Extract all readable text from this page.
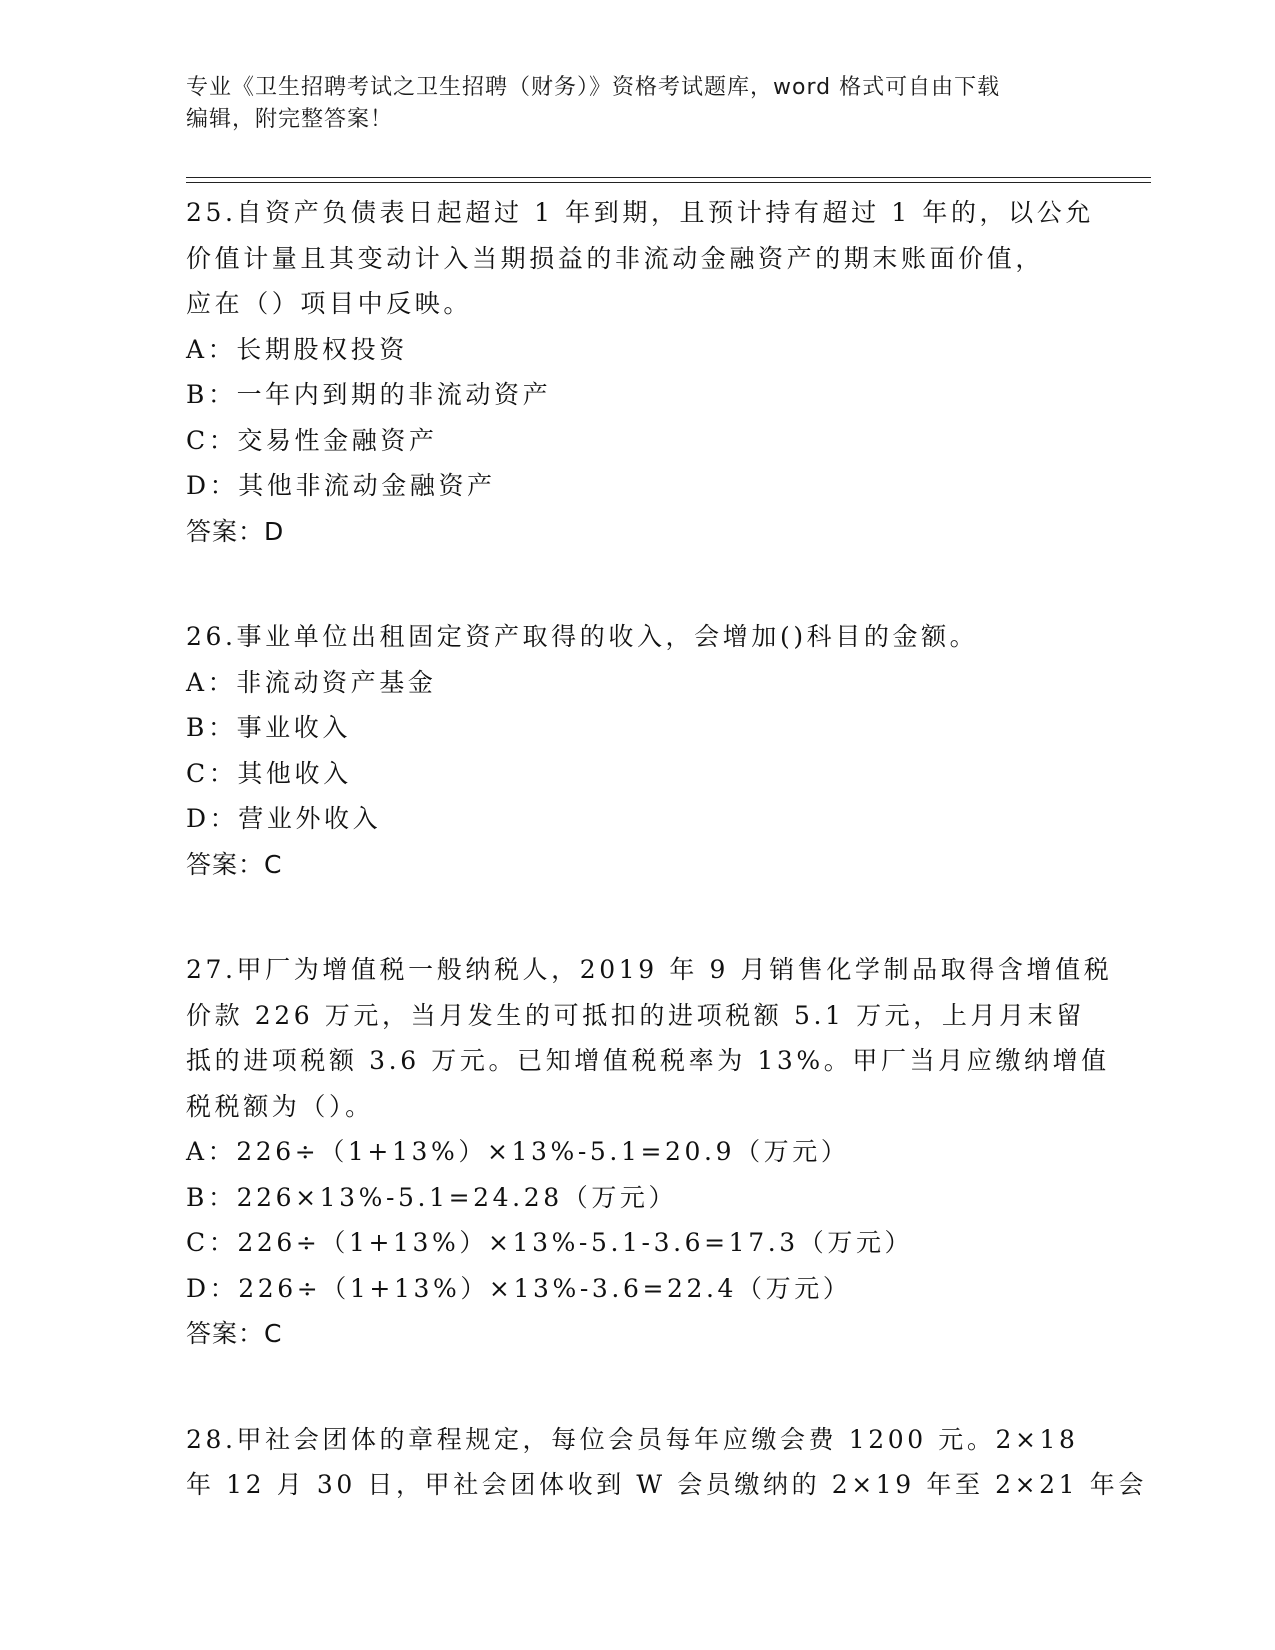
专业《卫生招聘考试之卫生招聘（财务）》资格考试题库，word 格式可自由下载
编辑，附完整答案！
25.自资产负债表日起超过 1 年到期，且预计持有超过 1 年的，以公允
价值计量且其变动计入当期损益的非流动金融资产的期末账面价值，
应在（）项目中反映。
A：长期股权投资
B：一年内到期的非流动资产
C：交易性金融资产
D：其他非流动金融资产
答案：D
26.事业单位出租固定资产取得的收入，会增加()科目的金额。
A：非流动资产基金
B：事业收入
C：其他收入
D：营业外收入
答案：C
27.甲厂为增值税一般纳税人，2019 年 9 月销售化学制品取得含增值税
价款 226 万元，当月发生的可抵扣的进项税额 5.1 万元，上月月末留
抵的进项税额 3.6 万元。已知增值税税率为 13%。甲厂当月应缴纳增值
税税额为（）。
A：226÷（1+13%）×13%-5.1=20.9（万元）
B：226×13%-5.1=24.28（万元）
C：226÷（1+13%）×13%-5.1-3.6=17.3（万元）
D：226÷（1+13%）×13%-3.6=22.4（万元）
答案：C
28.甲社会团体的章程规定，每位会员每年应缴会费 1200 元。2×18
年 12 月 30 日，甲社会团体收到 W 会员缴纳的 2×19 年至 2×21 年会
